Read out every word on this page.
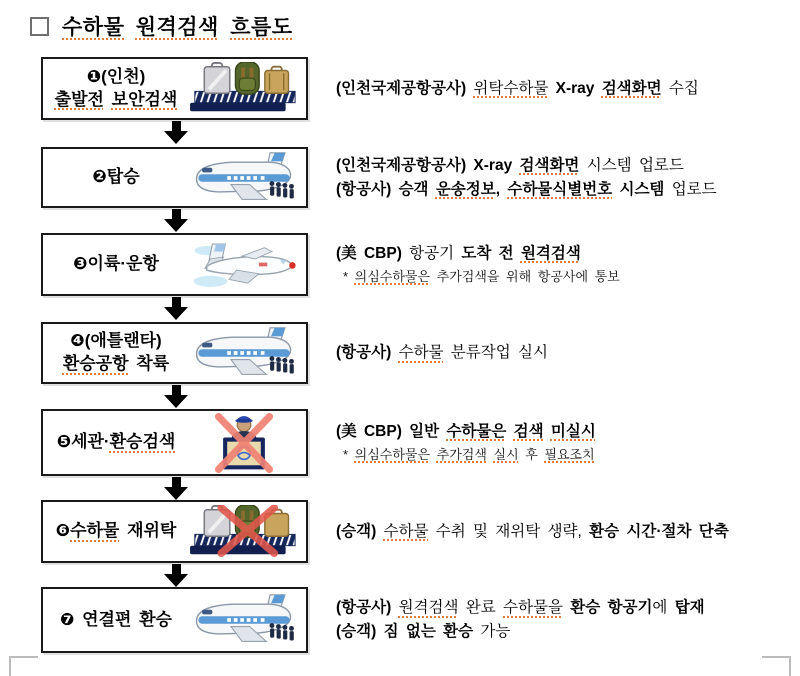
수하물 원격검색 흐름도
❶(인천)
출발전 보안검색
(인천국제공항공사) 위탁수하물 X-ray 검색화면 수집
❷탑승
(인천국제공항공사) X-ray 검색화면 시스템 업로드
(항공사) 승객 운송정보, 수하물식별번호 시스템 업로드
❸이륙·운항
(美 CBP) 항공기 도착 전 원격검색
* 의심수하물은 추가검색을 위해 항공사에 통보
❹(애틀랜타)
환승공항 착륙
(항공사) 수하물 분류작업 실시
❺세관·환승검색
(美 CBP) 일반 수하물은 검색 미실시
* 의심수하물은 추가검색 실시 후 필요조치
❻수하물 재위탁	(승객) 수하물 수취 및 재위탁 생략, 환승 시간·절차 단축
❼ 연결편 환승
(항공사) 원격검색 완료 수하물을 환승 항공기에 탑재
(승객) 짐 없는 환승 가능
